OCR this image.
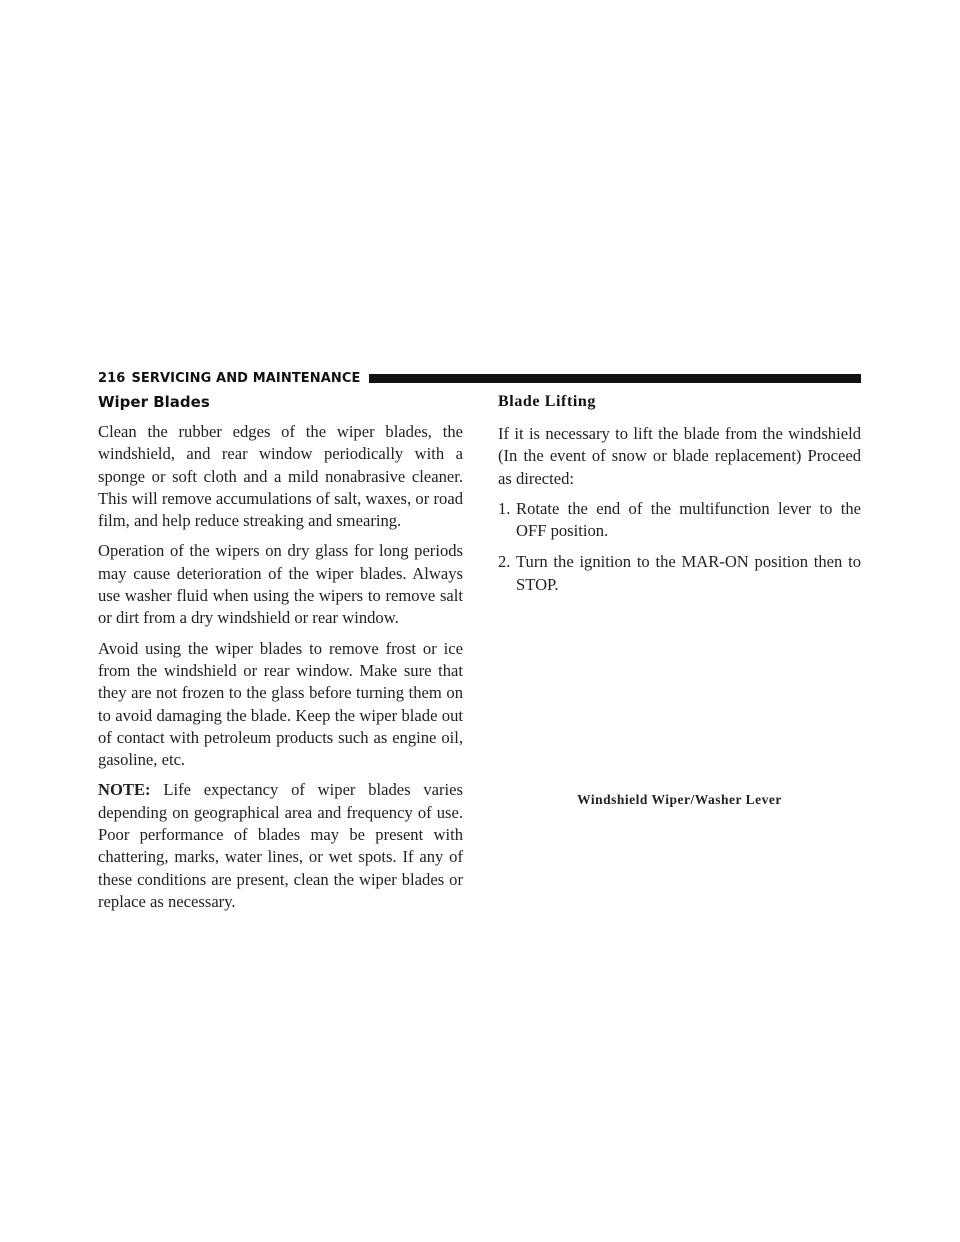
216 SERVICING AND MAINTENANCE
Wiper Blades

Clean the rubber edges of the wiper blades, the windshield, and rear window periodically with a sponge or soft cloth and a mild nonabrasive cleaner. This will remove accumulations of salt, waxes, or road film, and help reduce streaking and smearing.

Operation of the wipers on dry glass for long periods may cause deterioration of the wiper blades. Always use washer fluid when using the wipers to remove salt or dirt from a dry windshield or rear window.

Avoid using the wiper blades to remove frost or ice from the windshield or rear window. Make sure that they are not frozen to the glass before turning them on to avoid damaging the blade. Keep the wiper blade out of contact with petroleum products such as engine oil, gasoline, etc.

NOTE: Life expectancy of wiper blades varies depending on geographical area and frequency of use. Poor performance of blades may be present with chattering, marks, water lines, or wet spots. If any of these conditions are present, clean the wiper blades or replace as necessary.

Blade Lifting

If it is necessary to lift the blade from the windshield (In the event of snow or blade replacement) Proceed as directed:

1. Rotate the end of the multifunction lever to the OFF position.
2. Turn the ignition to the MAR-ON position then to STOP.
Windshield Wiper/Washer Lever
